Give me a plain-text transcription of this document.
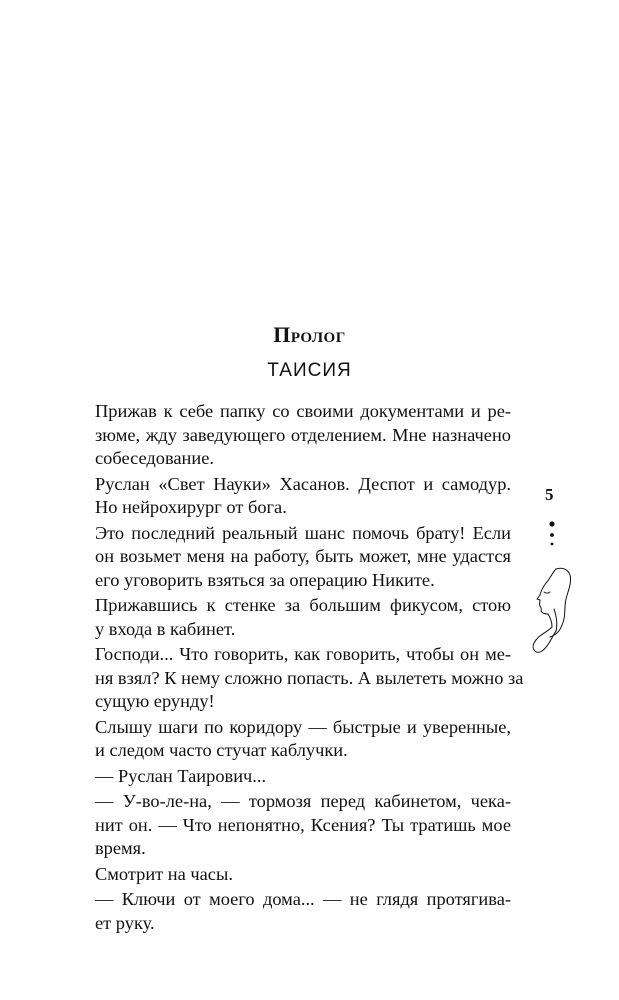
Пролог
ТАИСИЯ
Прижав к себе папку со своими документами и ре-
зюме, жду заведующего отделением. Мне назначено
собеседование.
Руслан «Свет Науки» Хасанов. Деспот и самодур.
Но нейрохирург от бога.
Это последний реальный шанс помочь брату! Если
он возьмет меня на работу, быть может, мне удастся
его уговорить взяться за операцию Никите.
Прижавшись к стенке за большим фикусом, стою
у входа в кабинет.
Господи... Что говорить, как говорить, чтобы он ме-
ня взял? К нему сложно попасть. А вылететь можно за
сущую ерунду!
Слышу шаги по коридору — быстрые и уверенные,
и следом часто стучат каблучки.
— Руслан Таирович...
— У-во-ле-на, — тормозя перед кабинетом, чека-
нит он. — Что непонятно, Ксения? Ты тратишь мое
время.
Смотрит на часы.
— Ключи от моего дома... — не глядя протягива-
ет руку.
5
